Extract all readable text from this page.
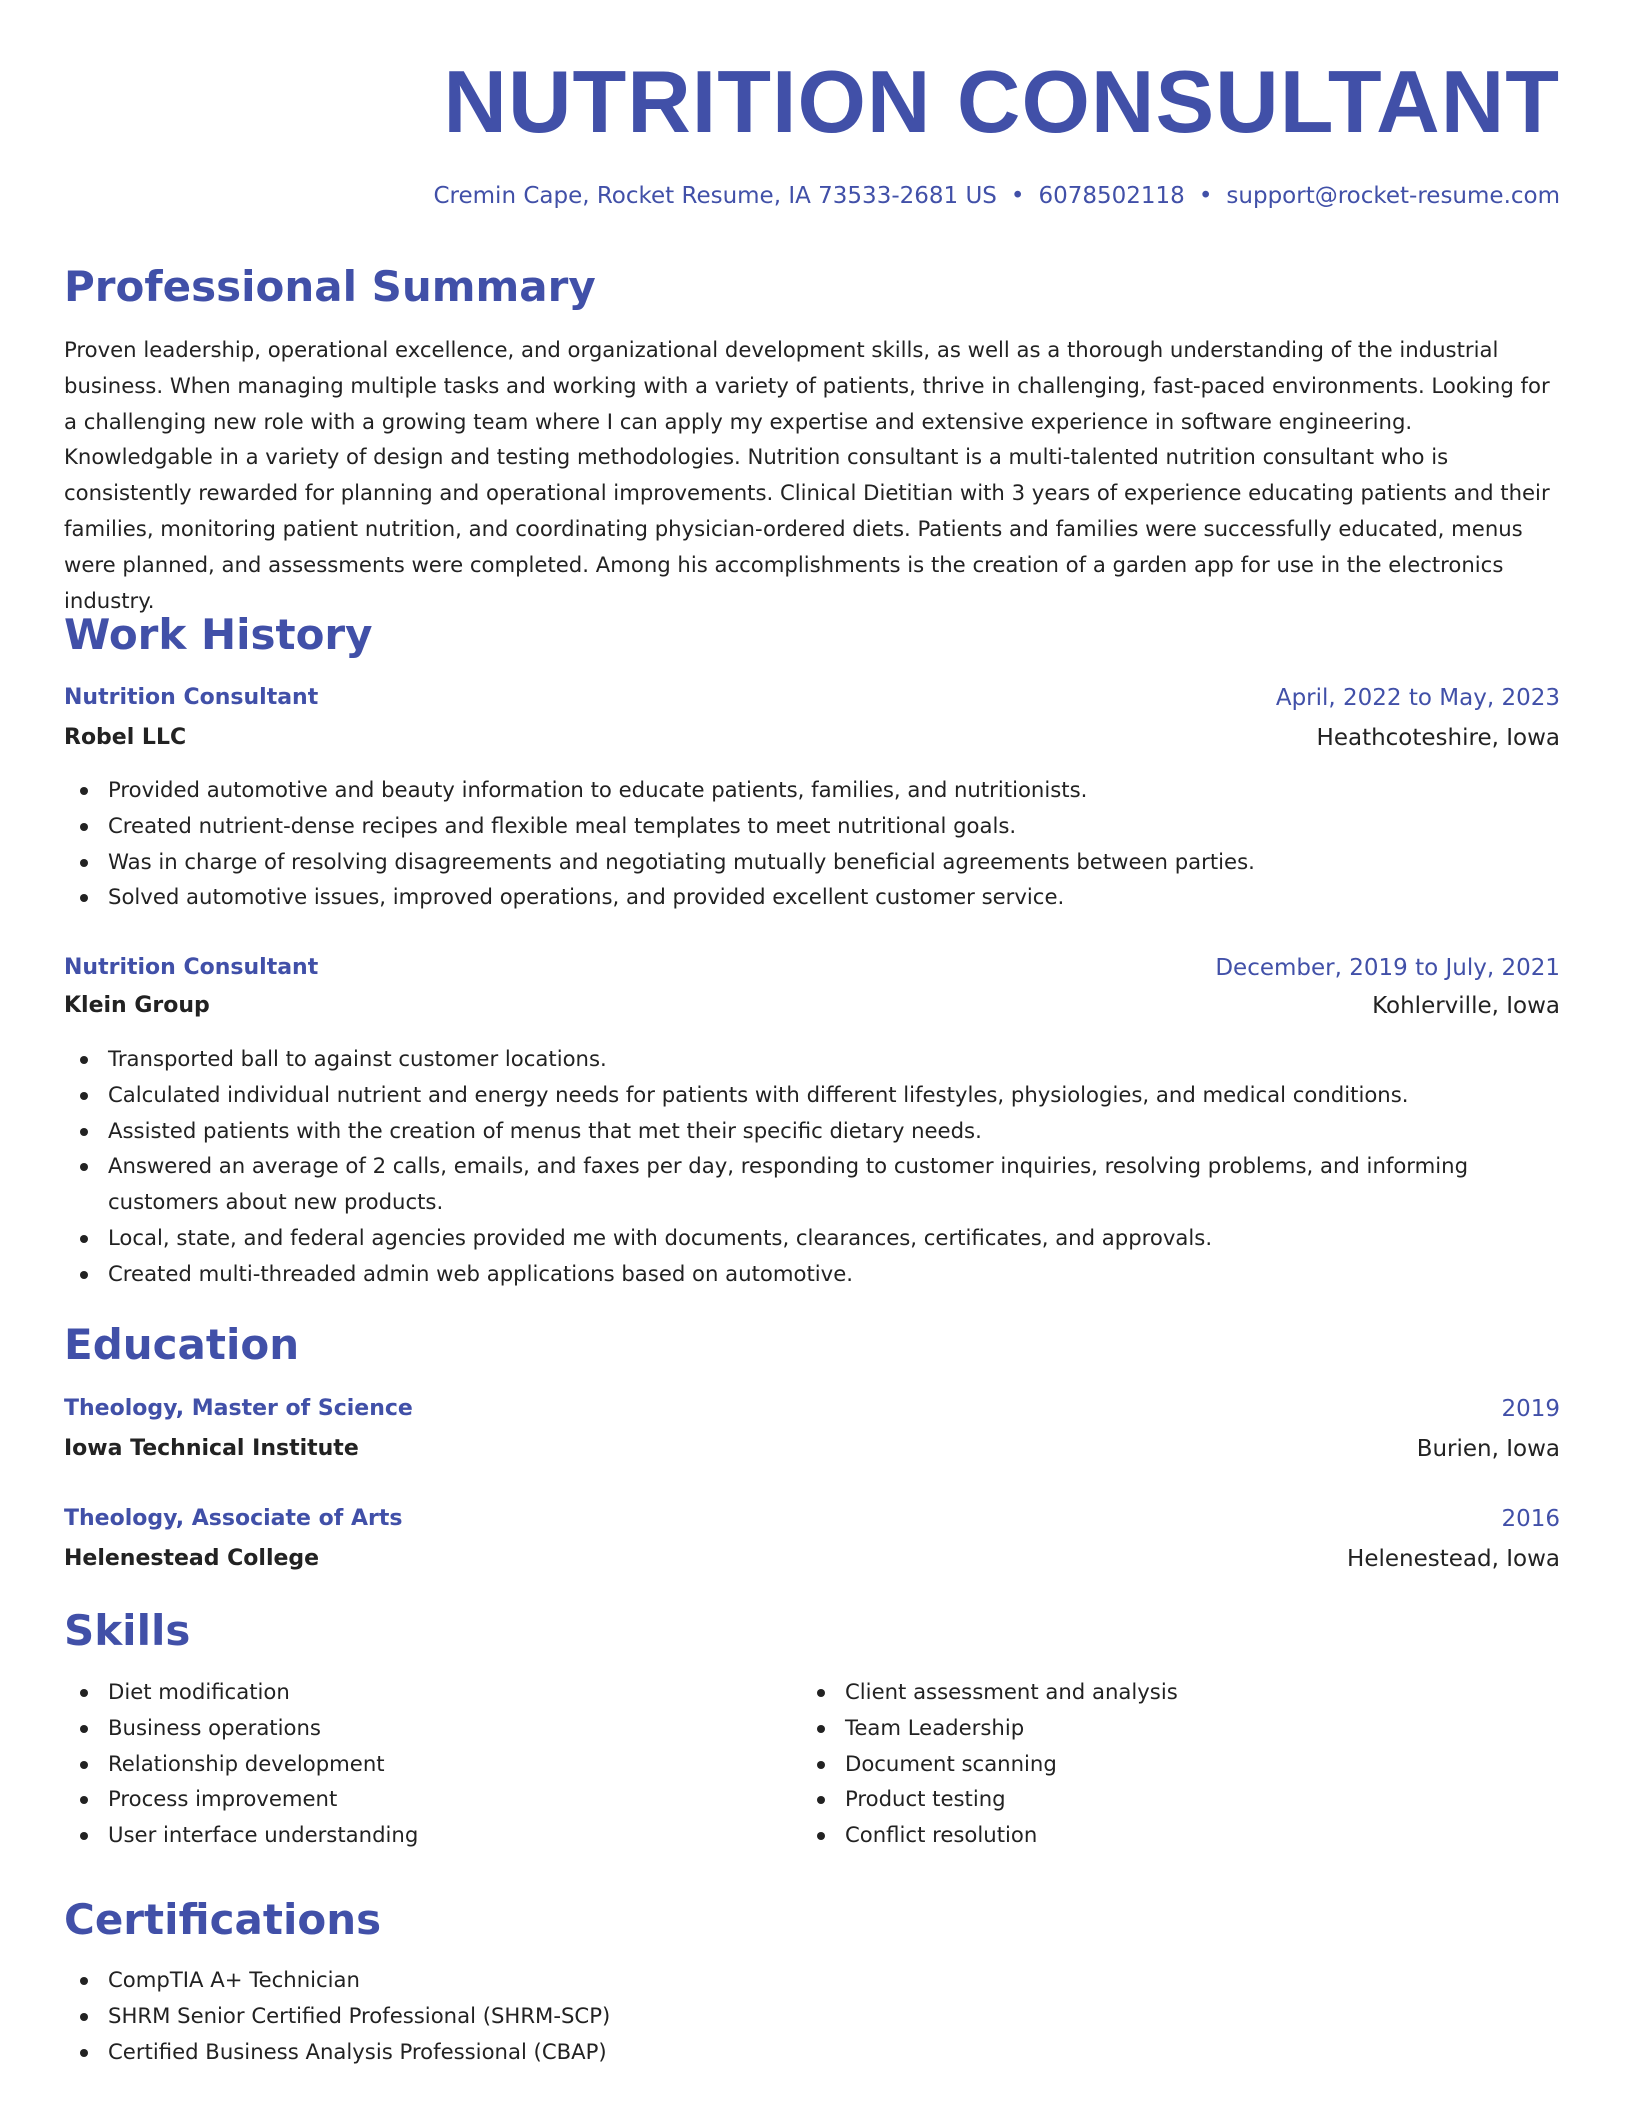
NUTRITION CONSULTANT
Cremin Cape, Rocket Resume, IA 73533-2681 US • 6078502118 • support@rocket-resume.com
Professional Summary

Proven leadership, operational excellence, and organizational development skills, as well as a thorough understanding of the industrial business. When managing multiple tasks and working with a variety of patients, thrive in challenging, fast-paced environments. Looking for a challenging new role with a growing team where I can apply my expertise and extensive experience in software engineering. Knowledgable in a variety of design and testing methodologies. Nutrition consultant is a multi-talented nutrition consultant who is consistently rewarded for planning and operational improvements. Clinical Dietitian with 3 years of experience educating patients and their families, monitoring patient nutrition, and coordinating physician-ordered diets. Patients and families were successfully educated, menus were planned, and assessments were completed. Among his accomplishments is the creation of a garden app for use in the electronics industry.

Work History
Nutrition Consultant	April, 2022 to May, 2023
Robel LLC	Heathcoteshire, Iowa
Provided automotive and beauty information to educate patients, families, and nutritionists.
Created nutrient-dense recipes and flexible meal templates to meet nutritional goals.
Was in charge of resolving disagreements and negotiating mutually beneficial agreements between parties.
Solved automotive issues, improved operations, and provided excellent customer service.
Nutrition Consultant	December, 2019 to July, 2021
Klein Group	Kohlerville, Iowa
Transported ball to against customer locations.
Calculated individual nutrient and energy needs for patients with different lifestyles, physiologies, and medical conditions.
Assisted patients with the creation of menus that met their specific dietary needs.
Answered an average of 2 calls, emails, and faxes per day, responding to customer inquiries, resolving problems, and informing customers about new products.
Local, state, and federal agencies provided me with documents, clearances, certificates, and approvals.
Created multi-threaded admin web applications based on automotive.
Education
Theology, Master of Science	2019
Iowa Technical Institute	Burien, Iowa
Theology, Associate of Arts	2016
Helenestead College	Helenestead, Iowa
Skills
Diet modification
Business operations
Relationship development
Process improvement
User interface understanding
Client assessment and analysis
Team Leadership
Document scanning
Product testing
Conflict resolution
Certifications
CompTIA A+ Technician
SHRM Senior Certified Professional (SHRM-SCP)
Certified Business Analysis Professional (CBAP)
